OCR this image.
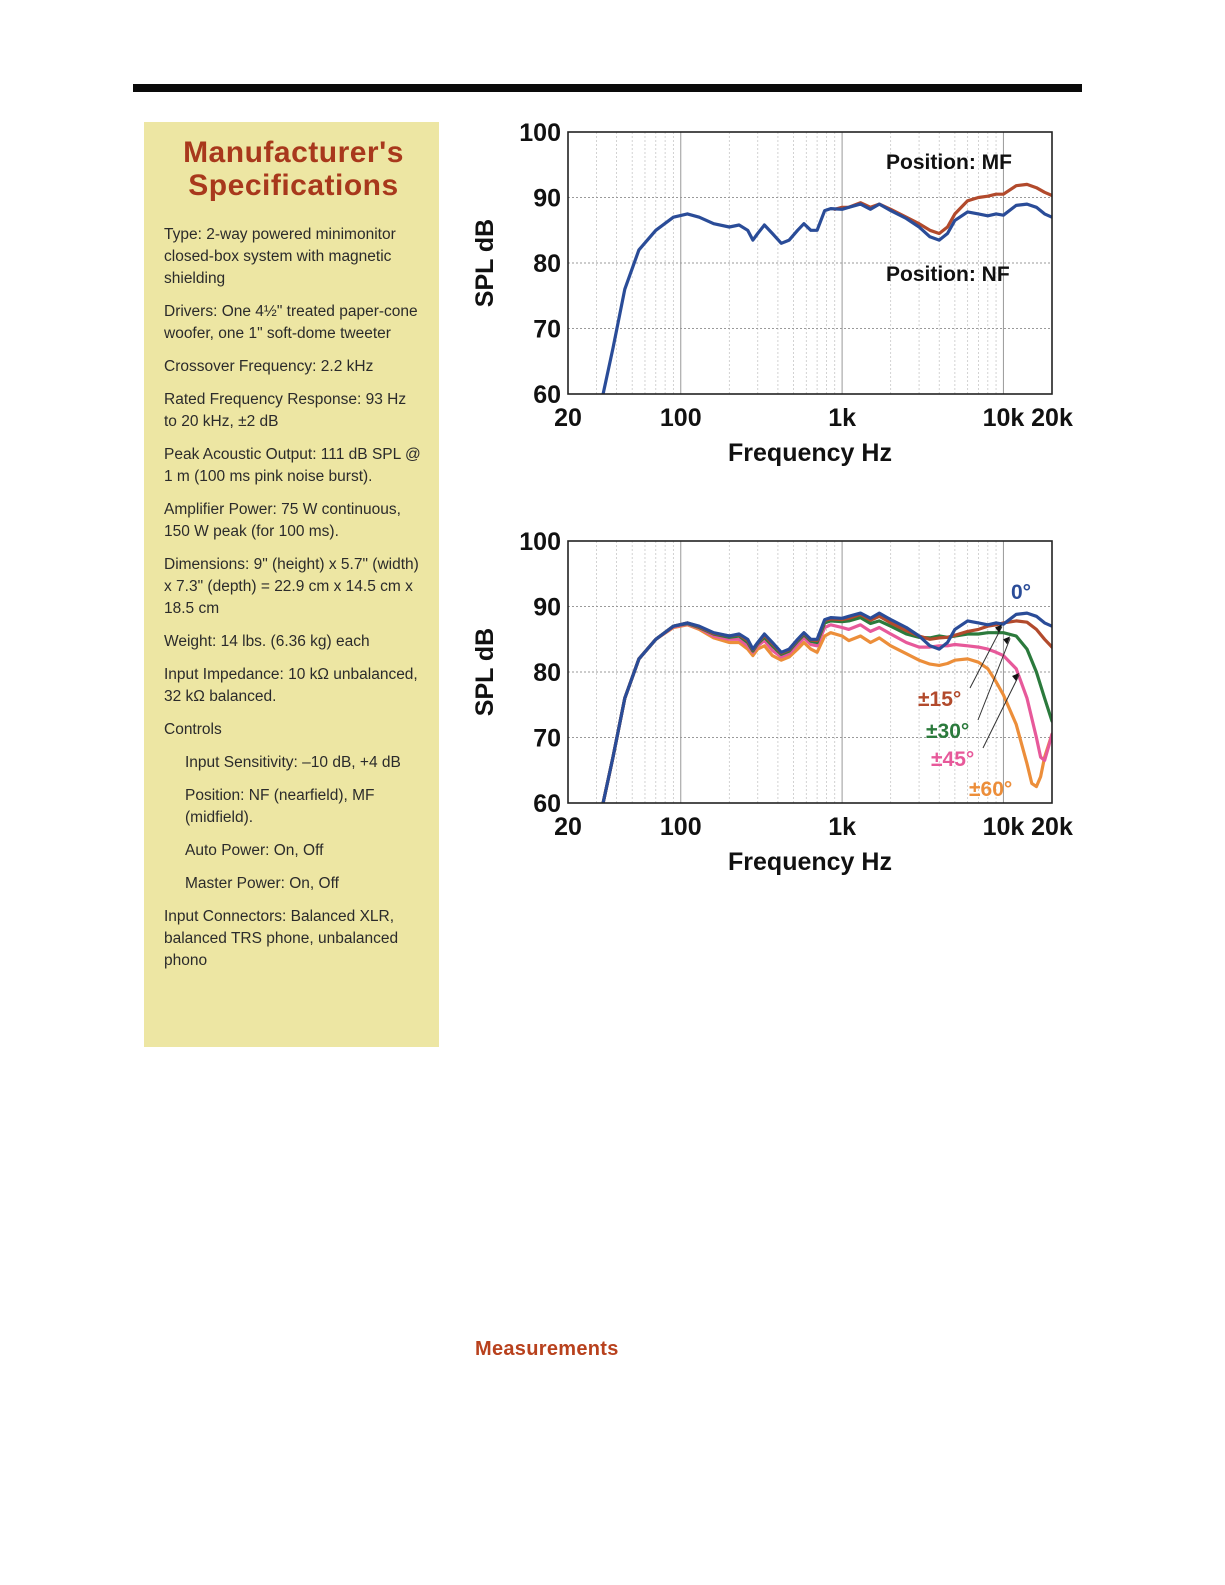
Manufacturer's
Specifications

Type: 2-way powered minimonitor closed-box system with magnetic shielding

Drivers: One 4½" treated paper-cone woofer, one 1" soft-dome tweeter

Crossover Frequency: 2.2 kHz

Rated Frequency Response: 93 Hz to 20 kHz, ±2 dB

Peak Acoustic Output: 111 dB SPL @ 1 m (100 ms pink noise burst).

Amplifier Power: 75 W continuous, 150 W peak (for 100 ms).

Dimensions: 9" (height) x 5.7" (width) x 7.3" (depth) = 22.9 cm x 14.5 cm x 18.5 cm

Weight: 14 lbs. (6.36 kg) each

Input Impedance: 10 kΩ unbalanced, 32 kΩ balanced.

Controls

Input Sensitivity: –10 dB, +4 dB

Position: NF (nearfield), MF (midfield).

Auto Power: On, Off

Master Power: On, Off

Input Connectors: Balanced XLR, balanced TRS phone, unbalanced phono

60
70
80
90
100
20	100	1k	10k 20k
Frequency Hz
SPL dB
Position: MF
Position: NF
60
70
80
90
100
20	100	1k	10k 20k
Frequency Hz
SPL dB
0°
±15°
±30°
±45°
±60°
Measurements
